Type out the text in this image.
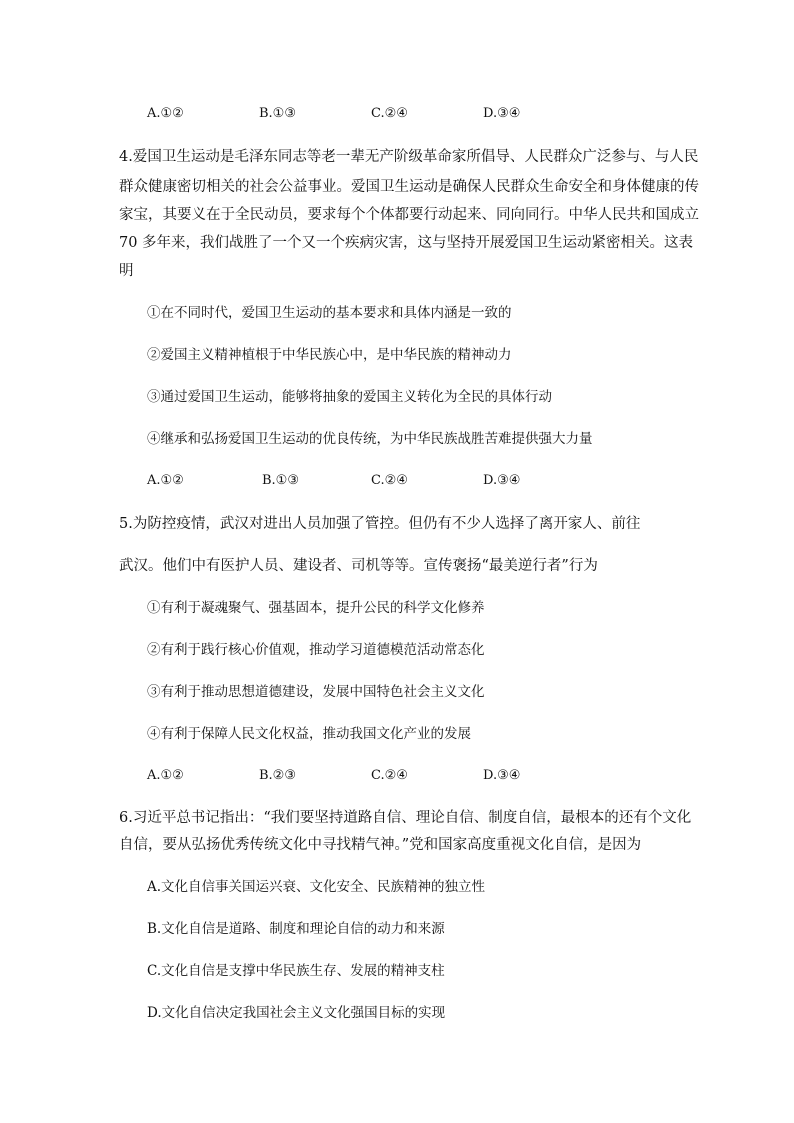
A.①②	B.①③	C.②④	D.③④
4.爱国卫生运动是毛泽东同志等老一辈无产阶级革命家所倡导、人民群众广泛参与、与人民
群众健康密切相关的社会公益事业。爱国卫生运动是确保人民群众生命安全和身体健康的传
家宝，其要义在于全民动员，要求每个个体都要行动起来、同向同行。中华人民共和国成立
70 多年来，我们战胜了一个又一个疾病灾害，这与坚持开展爱国卫生运动紧密相关。这表
明
①在不同时代，爱国卫生运动的基本要求和具体内涵是一致的
②爱国主义精神植根于中华民族心中，是中华民族的精神动力
③通过爱国卫生运动，能够将抽象的爱国主义转化为全民的具体行动
④继承和弘扬爱国卫生运动的优良传统，为中华民族战胜苦难提供强大力量
A.①②	B.①③	C.②④	D.③④
5.为防控疫情，武汉对进出人员加强了管控。但仍有不少人选择了离开家人、前往
武汉。他们中有医护人员、建设者、司机等等。宣传褒扬“最美逆行者”行为
①有利于凝魂聚气、强基固本，提升公民的科学文化修养
②有利于践行核心价值观，推动学习道德模范活动常态化
③有利于推动思想道德建设，发展中国特色社会主义文化
④有利于保障人民文化权益，推动我国文化产业的发展
A.①②	B.②③	C.②④	D.③④
6.习近平总书记指出：“我们要坚持道路自信、理论自信、制度自信，最根本的还有个文化
自信，要从弘扬优秀传统文化中寻找精气神。”党和国家高度重视文化自信，是因为
A.文化自信事关国运兴衰、文化安全、民族精神的独立性
B.文化自信是道路、制度和理论自信的动力和来源
C.文化自信是支撑中华民族生存、发展的精神支柱
D.文化自信决定我国社会主义文化强国目标的实现
